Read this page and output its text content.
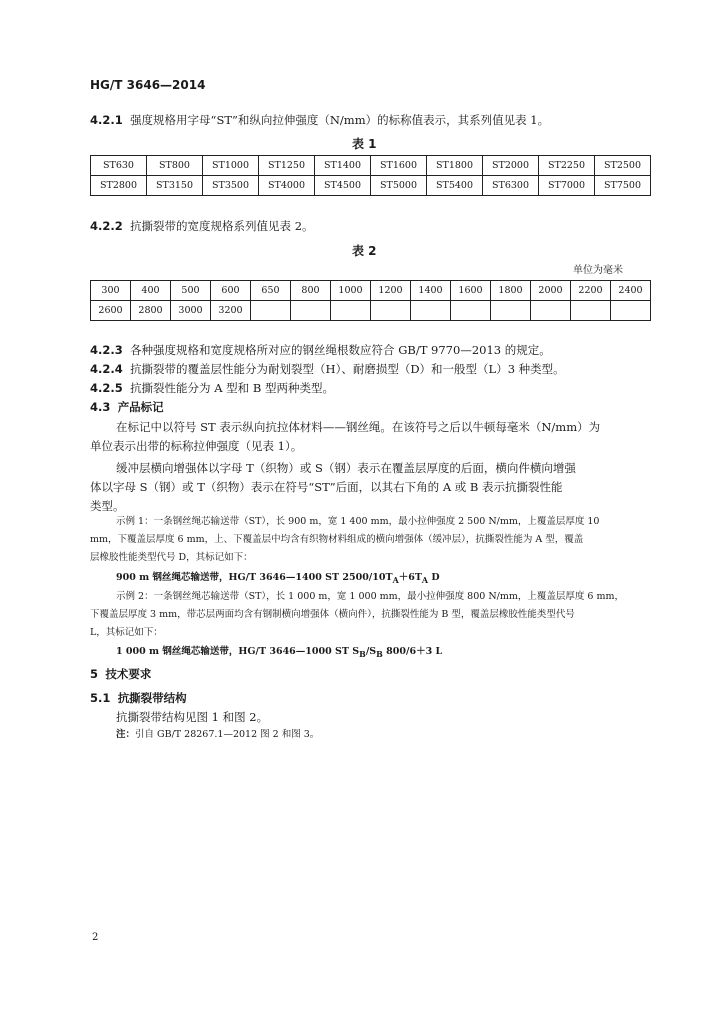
HG/T 3646—2014
4.2.1 强度规格用字母“ST”和纵向拉伸强度（N/mm）的标称值表示，其系列值见表 1。
表 1
ST630	ST800	ST1000	ST1250	ST1400	ST1600	ST1800	ST2000	ST2250	ST2500
ST2800	ST3150	ST3500	ST4000	ST4500	ST5000	ST5400	ST6300	ST7000	ST7500
4.2.2 抗撕裂带的宽度规格系列值见表 2。
表 2
单位为毫米
300	400	500	600	650	800	1000	1200	1400	1600	1800	2000	2200	2400
2600	2800	3000	3200										
4.2.3 各种强度规格和宽度规格所对应的钢丝绳根数应符合 GB/T 9770—2013 的规定。
4.2.4 抗撕裂带的覆盖层性能分为耐划裂型（H）、耐磨损型（D）和一般型（L）3 种类型。
4.2.5 抗撕裂性能分为 A 型和 B 型两种类型。
4.3 产品标记
在标记中以符号 ST 表示纵向抗拉体材料——钢丝绳。在该符号之后以牛顿每毫米（N/mm）为
单位表示出带的标称拉伸强度（见表 1）。
缓冲层横向增强体以字母 T（织物）或 S（钢）表示在覆盖层厚度的后面，横向件横向增强
体以字母 S（钢）或 T（织物）表示在符号“ST”后面，以其右下角的 A 或 B 表示抗撕裂性能
类型。
示例 1：一条钢丝绳芯输送带（ST），长 900 m，宽 1 400 mm，最小拉伸强度 2 500 N/mm，上覆盖层厚度 10
mm，下覆盖层厚度 6 mm，上、下覆盖层中均含有织物材料组成的横向增强体（缓冲层），抗撕裂性能为 A 型，覆盖
层橡胶性能类型代号 D，其标记如下：
900 m 钢丝绳芯输送带，HG/T 3646—1400 ST $2500/10T_A+6T_A$ D
示例 2：一条钢丝绳芯输送带（ST），长 1 000 m，宽 1 000 mm，最小拉伸强度 800 N/mm，上覆盖层厚度 6 mm，
下覆盖层厚度 3 mm，带芯层两面均含有钢制横向增强体（横向件），抗撕裂性能为 B 型，覆盖层橡胶性能类型代号
L，其标记如下：
1 000 m 钢丝绳芯输送带，HG/T 3646—1000 ST $S_B/S_B$ 800/6＋3 L
5 技术要求
5.1 抗撕裂带结构
抗撕裂带结构见图 1 和图 2。
注：引自 GB/T 28267.1—2012 图 2 和图 3。
2
